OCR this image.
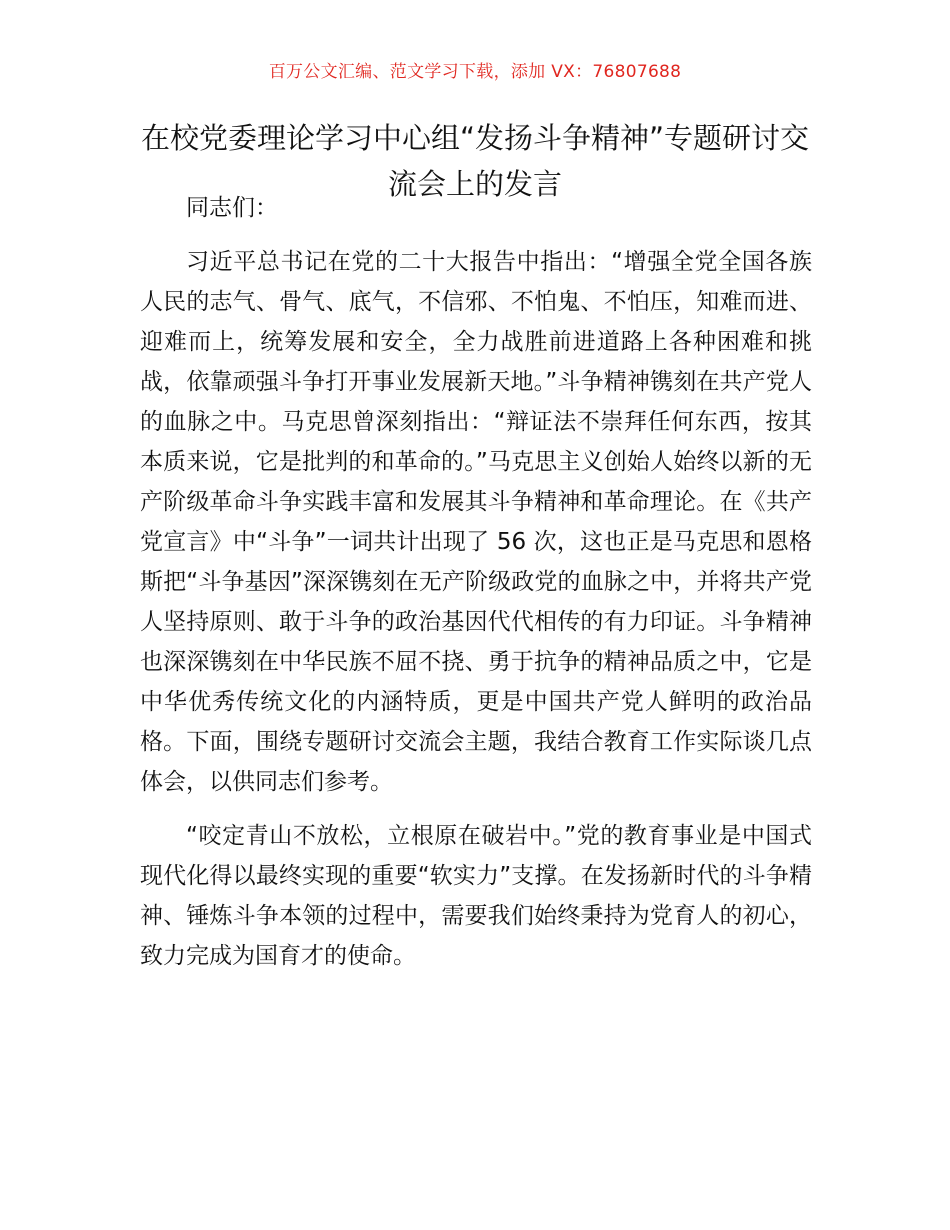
百万公文汇编、范文学习下载，添加 VX：76807688
在校党委理论学习中心组“发扬斗争精神”专题研讨交流会上的发言

同志们：

习近平总书记在党的二十大报告中指出：“增强全党全国各族人民的志气、骨气、底气，不信邪、不怕鬼、不怕压，知难而进、迎难而上，统筹发展和安全，全力战胜前进道路上各种困难和挑战，依靠顽强斗争打开事业发展新天地。”斗争精神镌刻在共产党人的血脉之中。马克思曾深刻指出：“辩证法不崇拜任何东西，按其本质来说，它是批判的和革命的。”马克思主义创始人始终以新的无产阶级革命斗争实践丰富和发展其斗争精神和革命理论。在《共产党宣言》中“斗争”一词共计出现了 56 次，这也正是马克思和恩格斯把“斗争基因”深深镌刻在无产阶级政党的血脉之中，并将共产党人坚持原则、敢于斗争的政治基因代代相传的有力印证。斗争精神也深深镌刻在中华民族不屈不挠、勇于抗争的精神品质之中，它是中华优秀传统文化的内涵特质，更是中国共产党人鲜明的政治品格。下面，围绕专题研讨交流会主题，我结合教育工作实际谈几点体会，以供同志们参考。

“咬定青山不放松，立根原在破岩中。”党的教育事业是中国式现代化得以最终实现的重要“软实力”支撑。在发扬新时代的斗争精神、锤炼斗争本领的过程中，需要我们始终秉持为党育人的初心，致力完成为国育才的使命。
